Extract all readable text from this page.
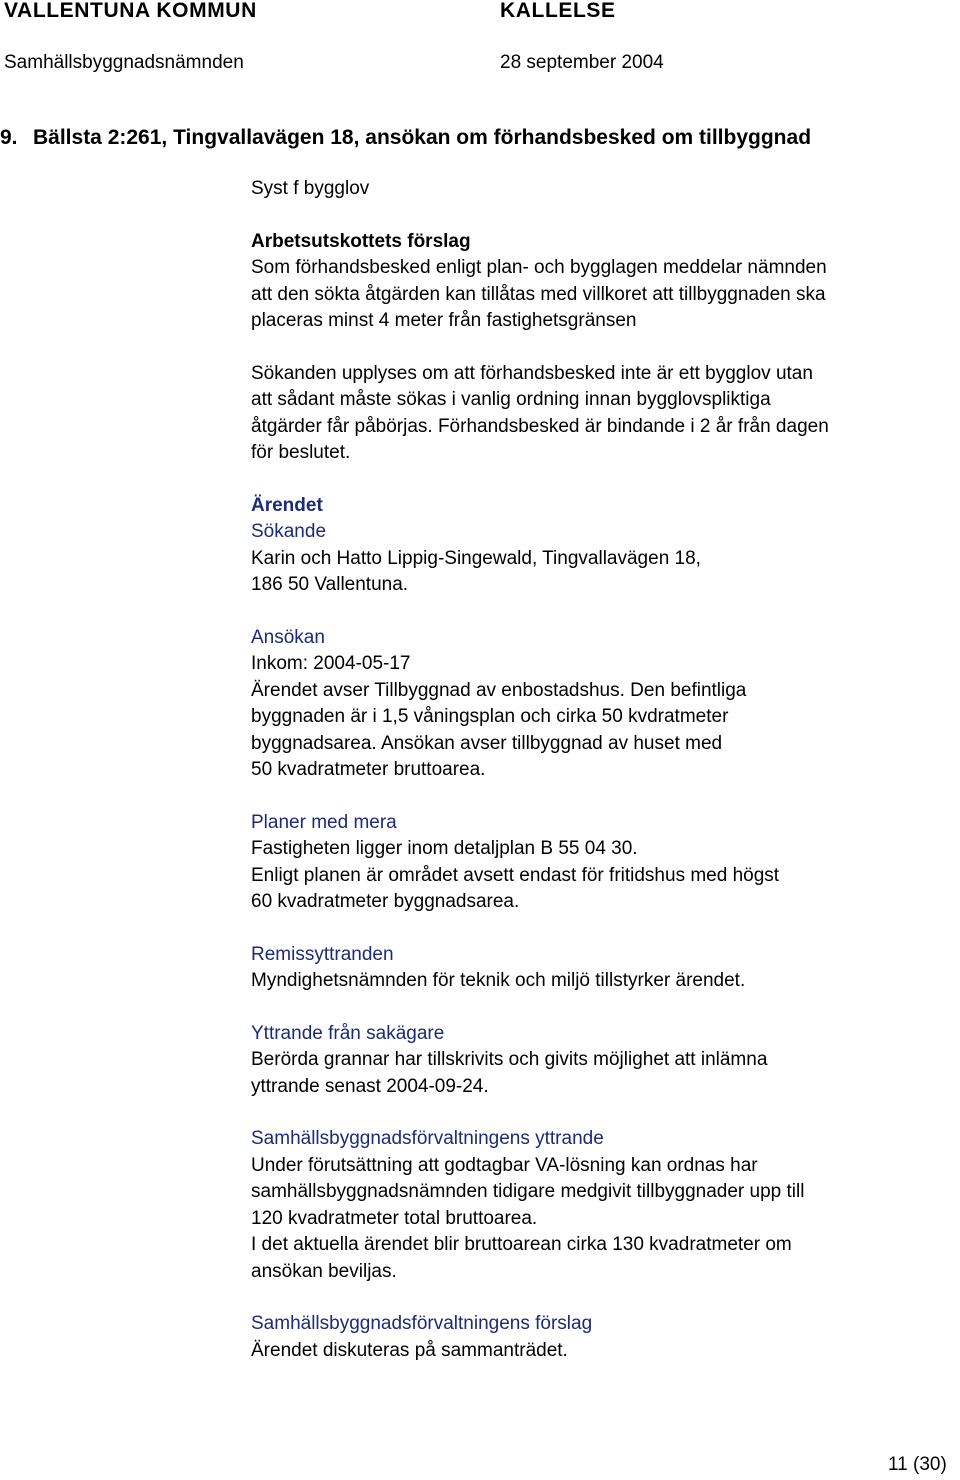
VALLENTUNA KOMMUN	KALLELSE
Samhällsbyggnadsnämnden	28 september 2004
9. Bällsta 2:261, Tingvallavägen 18, ansökan om förhandsbesked om tillbyggnad

Syst f bygglov

Arbetsutskottets förslag

Som förhandsbesked enligt plan- och bygglagen meddelar nämnden

att den sökta åtgärden kan tillåtas med villkoret att tillbyggnaden ska

placeras minst 4 meter från fastighetsgränsen

Sökanden upplyses om att förhandsbesked inte är ett bygglov utan

att sådant måste sökas i vanlig ordning innan bygglovspliktiga

åtgärder får påbörjas. Förhandsbesked är bindande i 2 år från dagen

för beslutet.

Ärendet

Sökande

Karin och Hatto Lippig-Singewald, Tingvallavägen 18,

186 50 Vallentuna.

Ansökan

Inkom: 2004-05-17

Ärendet avser Tillbyggnad av enbostadshus. Den befintliga

byggnaden är i 1,5 våningsplan och cirka 50 kvdratmeter

byggnadsarea. Ansökan avser tillbyggnad av huset med

50 kvadratmeter bruttoarea.

Planer med mera

Fastigheten ligger inom detaljplan B 55 04 30.

Enligt planen är området avsett endast för fritidshus med högst

60 kvadratmeter byggnadsarea.

Remissyttranden

Myndighetsnämnden för teknik och miljö tillstyrker ärendet.

Yttrande från sakägare

Berörda grannar har tillskrivits och givits möjlighet att inlämna

yttrande senast 2004-09-24.

Samhällsbyggnadsförvaltningens yttrande

Under förutsättning att godtagbar VA-lösning kan ordnas har

samhällsbyggnadsnämnden tidigare medgivit tillbyggnader upp till

120 kvadratmeter total bruttoarea.

I det aktuella ärendet blir bruttoarean cirka 130 kvadratmeter om

ansökan beviljas.

Samhällsbyggnadsförvaltningens förslag

Ärendet diskuteras på sammanträdet.

11 (30)
